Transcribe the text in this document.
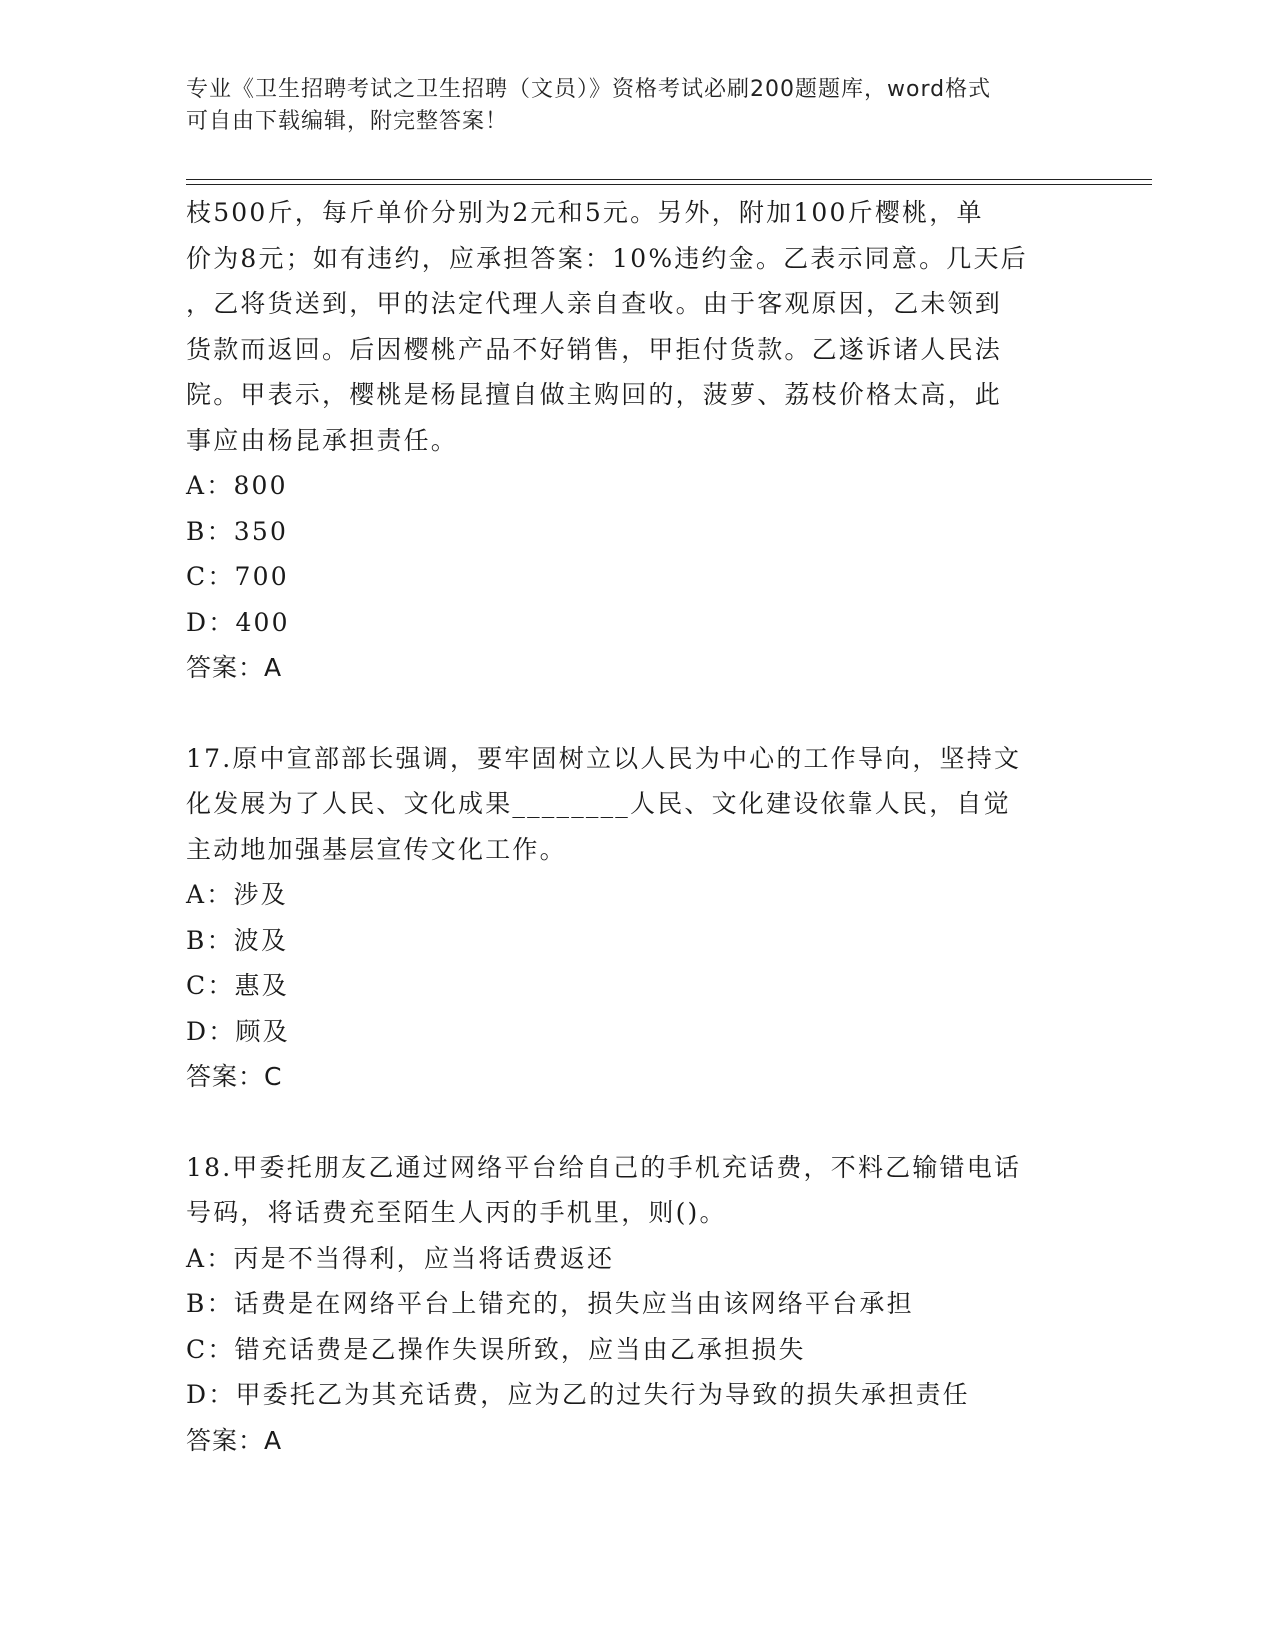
专业《卫生招聘考试之卫生招聘（文员）》资格考试必刷200题题库，word格式
可自由下载编辑，附完整答案！
枝500斤，每斤单价分别为2元和5元。另外，附加100斤樱桃，单
价为8元；如有违约，应承担答案：10%违约金。乙表示同意。几天后
，乙将货送到，甲的法定代理人亲自查收。由于客观原因，乙未领到
货款而返回。后因樱桃产品不好销售，甲拒付货款。乙遂诉诸人民法
院。甲表示，樱桃是杨昆擅自做主购回的，菠萝、荔枝价格太高，此
事应由杨昆承担责任。
A：800
B：350
C：700
D：400
答案：A
17.原中宣部部长强调，要牢固树立以人民为中心的工作导向，坚持文
化发展为了人民、文化成果________人民、文化建设依靠人民，自觉
主动地加强基层宣传文化工作。
A：涉及
B：波及
C：惠及
D：顾及
答案：C
18.甲委托朋友乙通过网络平台给自己的手机充话费，不料乙输错电话
号码，将话费充至陌生人丙的手机里，则()。
A：丙是不当得利，应当将话费返还
B：话费是在网络平台上错充的，损失应当由该网络平台承担
C：错充话费是乙操作失误所致，应当由乙承担损失
D：甲委托乙为其充话费，应为乙的过失行为导致的损失承担责任
答案：A
